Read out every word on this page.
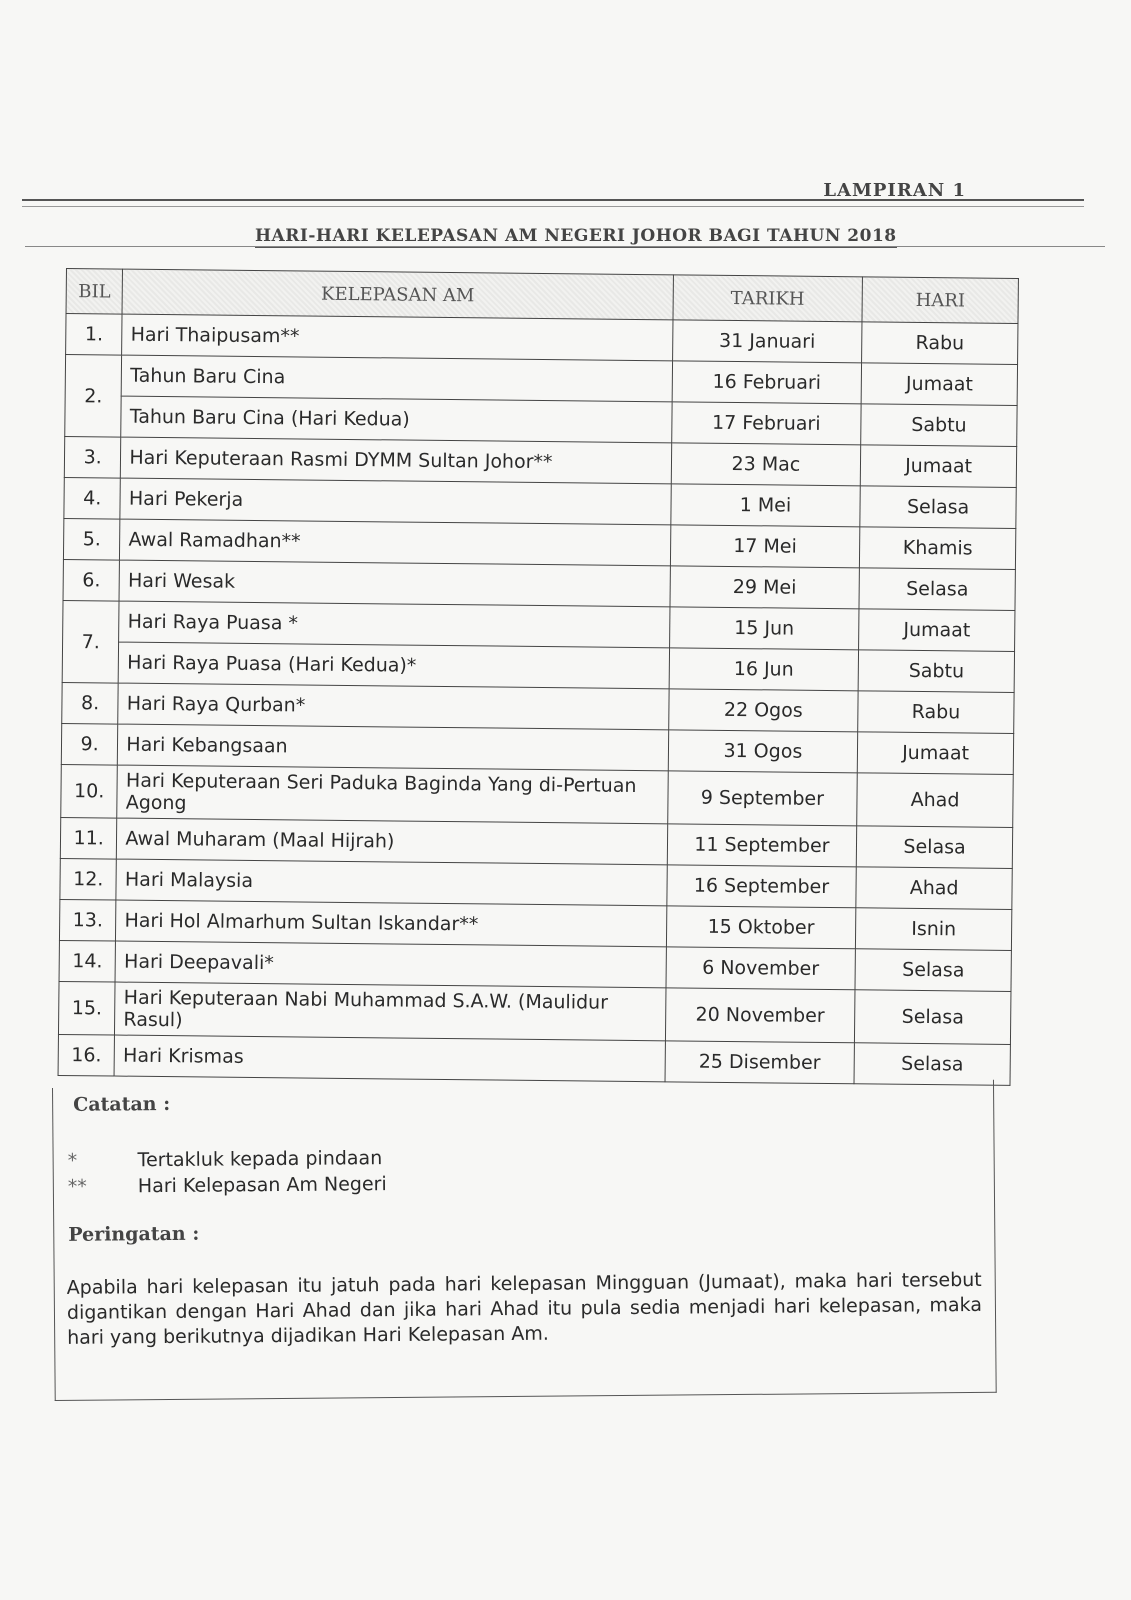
LAMPIRAN 1
HARI-HARI KELEPASAN AM NEGERI JOHOR BAGI TAHUN 2018
BIL	KELEPASAN AM	TARIKH	HARI
1.	Hari Thaipusam**	31 Januari	Rabu
2.	Tahun Baru Cina	16 Februari	Jumaat
	Tahun Baru Cina (Hari Kedua)	17 Februari	Sabtu
3.	Hari Keputeraan Rasmi DYMM Sultan Johor**	23 Mac	Jumaat
4.	Hari Pekerja	1 Mei	Selasa
5.	Awal Ramadhan**	17 Mei	Khamis
6.	Hari Wesak	29 Mei	Selasa
7.	Hari Raya Puasa *	15 Jun	Jumaat
	Hari Raya Puasa (Hari Kedua)*	16 Jun	Sabtu
8.	Hari Raya Qurban*	22 Ogos	Rabu
9.	Hari Kebangsaan	31 Ogos	Jumaat
10.	Hari Keputeraan Seri Paduka Baginda Yang di-Pertuan Agong	9 September	Ahad
11.	Awal Muharam (Maal Hijrah)	11 September	Selasa
12.	Hari Malaysia	16 September	Ahad
13.	Hari Hol Almarhum Sultan Iskandar**	15 Oktober	Isnin
14.	Hari Deepavali*	6 November	Selasa
15.	Hari Keputeraan Nabi Muhammad S.A.W. (Maulidur Rasul)	20 November	Selasa
16.	Hari Krismas	25 Disember	Selasa
Catatan :
*	Tertakluk kepada pindaan
**	Hari Kelepasan Am Negeri
Peringatan :
Apabila hari kelepasan itu jatuh pada hari kelepasan Mingguan (Jumaat), maka hari tersebut digantikan dengan Hari Ahad dan jika hari Ahad itu pula sedia menjadi hari kelepasan, maka hari yang berikutnya dijadikan Hari Kelepasan Am.
